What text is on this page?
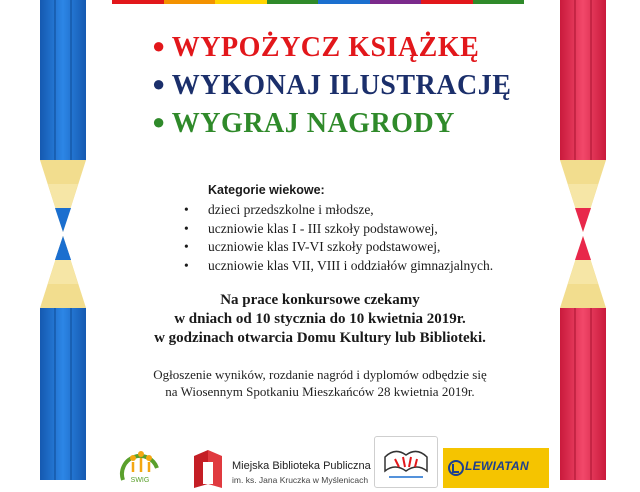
● WYPOŻYCZ KSIĄŻKĘ
● WYKONAJ ILUSTRACJĘ
● WYGRAJ NAGRODY
Kategorie wiekowe:
• dzieci przedszkolne i młodsze,
• uczniowie klas I - III szkoły podstawowej,
• uczniowie klas IV-VI szkoły podstawowej,
• uczniowie klas VII, VIII i oddziałów gimnazjalnych.
Na prace konkursowe czekamy
w dniach od 10 stycznia do 10 kwietnia 2019r.
w godzinach otwarcia Domu Kultury lub Biblioteki.
Ogłoszenie wyników, rozdanie nagród i dyplomów odbędzie się
na Wiosennym Spotkaniu Mieszkańców 28 kwietnia 2019r.
SWIG
Miejska Biblioteka Publiczna
im. ks. Jana Kruczka w Myślenicach
LEWIATAN
